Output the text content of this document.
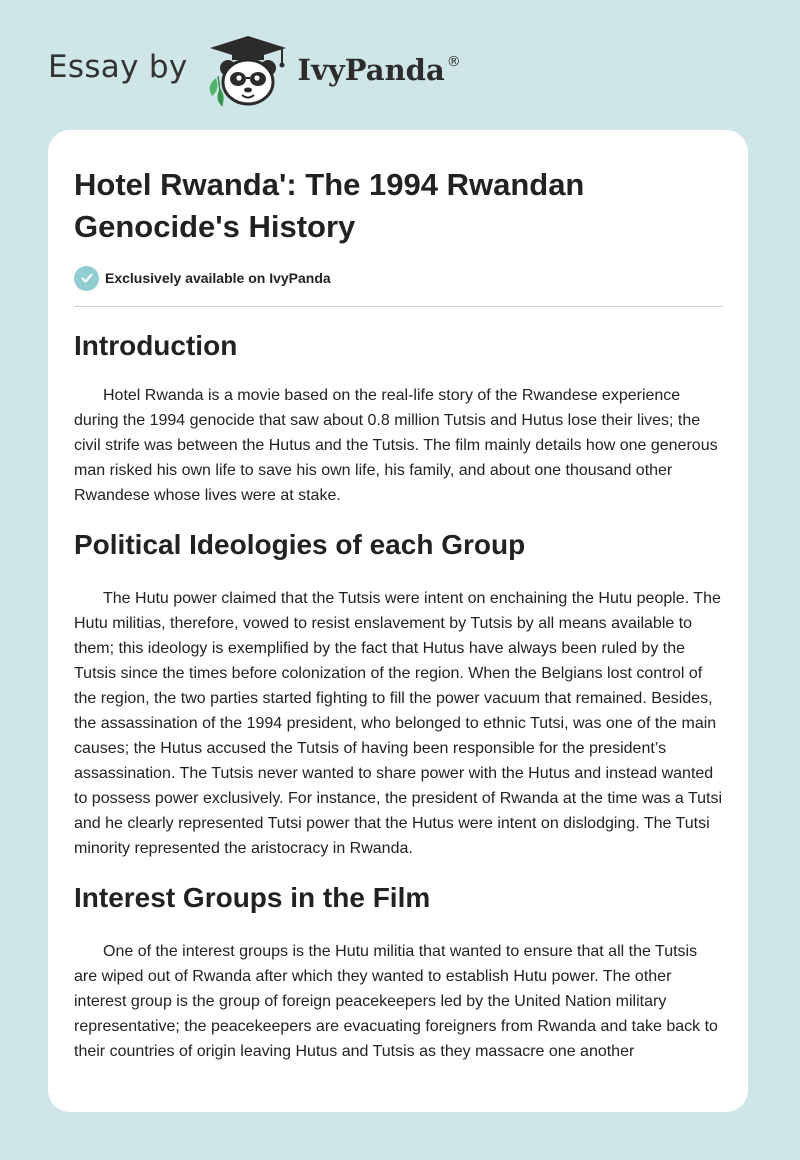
Essay by	IvyPanda ®
Hotel Rwanda': The 1994 Rwandan Genocide's History
Exclusively available on IvyPanda
Introduction

Hotel Rwanda is a movie based on the real-life story of the Rwandese experience during the 1994 genocide that saw about 0.8 million Tutsis and Hutus lose their lives; the civil strife was between the Hutus and the Tutsis. The film mainly details how one generous man risked his own life to save his own life, his family, and about one thousand other Rwandese whose lives were at stake.

Political Ideologies of each Group

The Hutu power claimed that the Tutsis were intent on enchaining the Hutu people. The Hutu militias, therefore, vowed to resist enslavement by Tutsis by all means available to them; this ideology is exemplified by the fact that Hutus have always been ruled by the Tutsis since the times before colonization of the region. When the Belgians lost control of the region, the two parties started fighting to fill the power vacuum that remained. Besides, the assassination of the 1994 president, who belonged to ethnic Tutsi, was one of the main causes; the Hutus accused the Tutsis of having been responsible for the president’s assassination. The Tutsis never wanted to share power with the Hutus and instead wanted to possess power exclusively. For instance, the president of Rwanda at the time was a Tutsi and he clearly represented Tutsi power that the Hutus were intent on dislodging. The Tutsi minority represented the aristocracy in Rwanda.

Interest Groups in the Film

One of the interest groups is the Hutu militia that wanted to ensure that all the Tutsis are wiped out of Rwanda after which they wanted to establish Hutu power. The other interest group is the group of foreign peacekeepers led by the United Nation military representative; the peacekeepers are evacuating foreigners from Rwanda and take back to their countries of origin leaving Hutus and Tutsis as they massacre one another
